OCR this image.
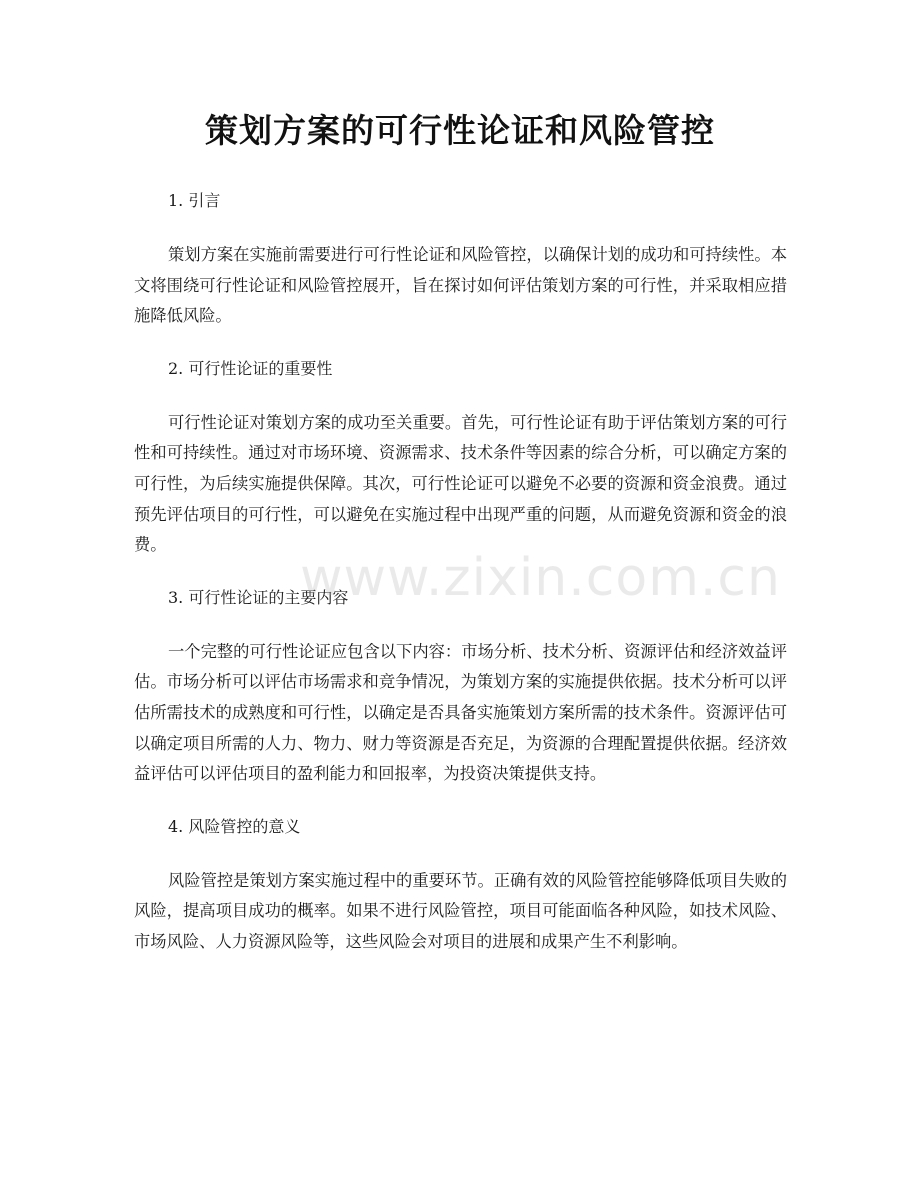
策划方案的可行性论证和风险管控

1. 引言

策划方案在实施前需要进行可行性论证和风险管控，以确保计划的成功和可持续性。本文将围绕可行性论证和风险管控展开，旨在探讨如何评估策划方案的可行性，并采取相应措施降低风险。

2. 可行性论证的重要性

可行性论证对策划方案的成功至关重要。首先，可行性论证有助于评估策划方案的可行性和可持续性。通过对市场环境、资源需求、技术条件等因素的综合分析，可以确定方案的可行性，为后续实施提供保障。其次，可行性论证可以避免不必要的资源和资金浪费。通过预先评估项目的可行性，可以避免在实施过程中出现严重的问题，从而避免资源和资金的浪费。

3. 可行性论证的主要内容

一个完整的可行性论证应包含以下内容：市场分析、技术分析、资源评估和经济效益评估。市场分析可以评估市场需求和竞争情况，为策划方案的实施提供依据。技术分析可以评估所需技术的成熟度和可行性，以确定是否具备实施策划方案所需的技术条件。资源评估可以确定项目所需的人力、物力、财力等资源是否充足，为资源的合理配置提供依据。经济效益评估可以评估项目的盈利能力和回报率，为投资决策提供支持。

4. 风险管控的意义

风险管控是策划方案实施过程中的重要环节。正确有效的风险管控能够降低项目失败的风险，提高项目成功的概率。如果不进行风险管控，项目可能面临各种风险，如技术风险、市场风险、人力资源风险等，这些风险会对项目的进展和成果产生不利影响。

www.zixin.com.cn
